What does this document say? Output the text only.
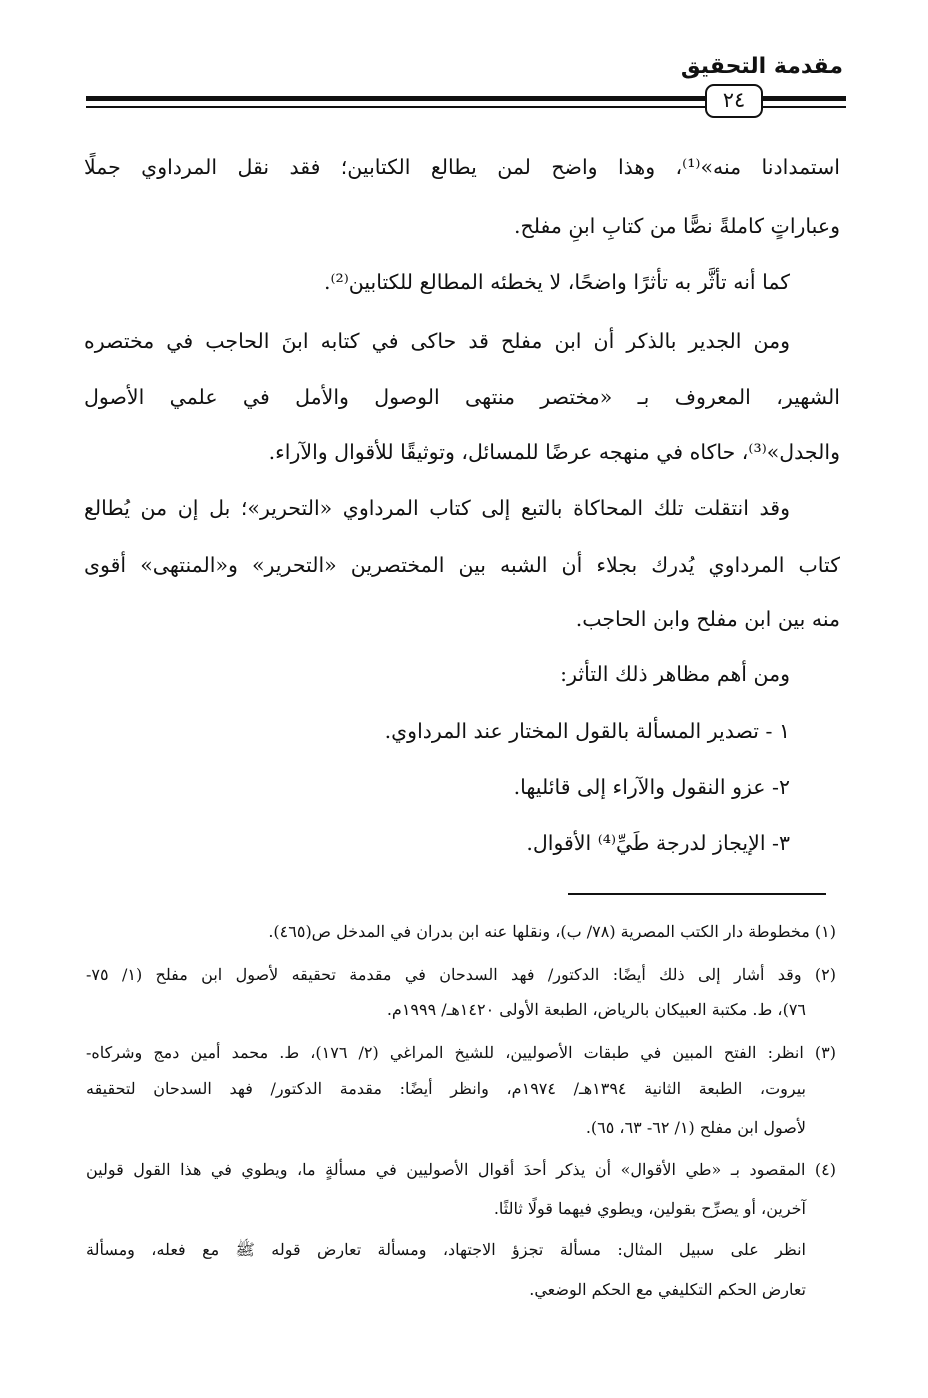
مقدمة التحقيق
٢٤
استمدادنا منه»⁽¹⁾، وهذا واضح لمن يطالع الكتابين؛ فقد نقل المرداوي جملًا
وعباراتٍ كاملةً نصًّا من كتابِ ابنِ مفلح.
كما أنه تأثَّر به تأثرًا واضحًا، لا يخطئه المطالع للكتابين⁽²⁾.
ومن الجدير بالذكر أن ابن مفلح قد حاكى في كتابه ابنَ الحاجب في مختصره
الشهير، المعروف بـ «مختصر منتهى الوصول والأمل في علمي الأصول
والجدل»⁽³⁾، حاكاه في منهجه عرضًا للمسائل، وتوثيقًا للأقوال والآراء.
وقد انتقلت تلك المحاكاة بالتبع إلى كتاب المرداوي «التحرير»؛ بل إن من يُطالع
كتاب المرداوي يُدرك بجلاء أن الشبه بين المختصرين «التحرير» و«المنتهى» أقوى
منه بين ابن مفلح وابن الحاجب.
ومن أهم مظاهر ذلك التأثر:
١ - تصدير المسألة بالقول المختار عند المرداوي.
٢- عزو النقول والآراء إلى قائليها.
٣- الإيجاز لدرجة طَيِّ⁽⁴⁾ الأقوال.
(١) مخطوطة دار الكتب المصرية (٧٨/ ب)، ونقلها عنه ابن بدران في المدخل ص(٤٦٥).
(٢) وقد أشار إلى ذلك أيضًا: الدكتور/ فهد السدحان في مقدمة تحقيقه لأصول ابن مفلح (١/ ٧٥-
٧٦)، ط. مكتبة العبيكان بالرياض، الطبعة الأولى ١٤٢٠هـ/ ١٩٩٩م.
(٣) انظر: الفتح المبين في طبقات الأصوليين، للشيخ المراغي (٢/ ١٧٦)، ط. محمد أمين دمج وشركاه-
بيروت، الطبعة الثانية ١٣٩٤هـ/ ١٩٧٤م، وانظر أيضًا: مقدمة الدكتور/ فهد السدحان لتحقيقه
لأصول ابن مفلح (١/ ٦٢- ٦٣، ٦٥).
(٤) المقصود بـ «طي الأقوال» أن يذكر أحدَ أقوال الأصوليين في مسألةٍ ما، ويطوي في هذا القول قولين
آخرين، أو يصرِّح بقولين، ويطوي فيهما قولًا ثالثًا.
انظر على سبيل المثال: مسألة تجزؤ الاجتهاد، ومسألة تعارض قوله ﷺ مع فعله، ومسألة
تعارض الحكم التكليفي مع الحكم الوضعي.
